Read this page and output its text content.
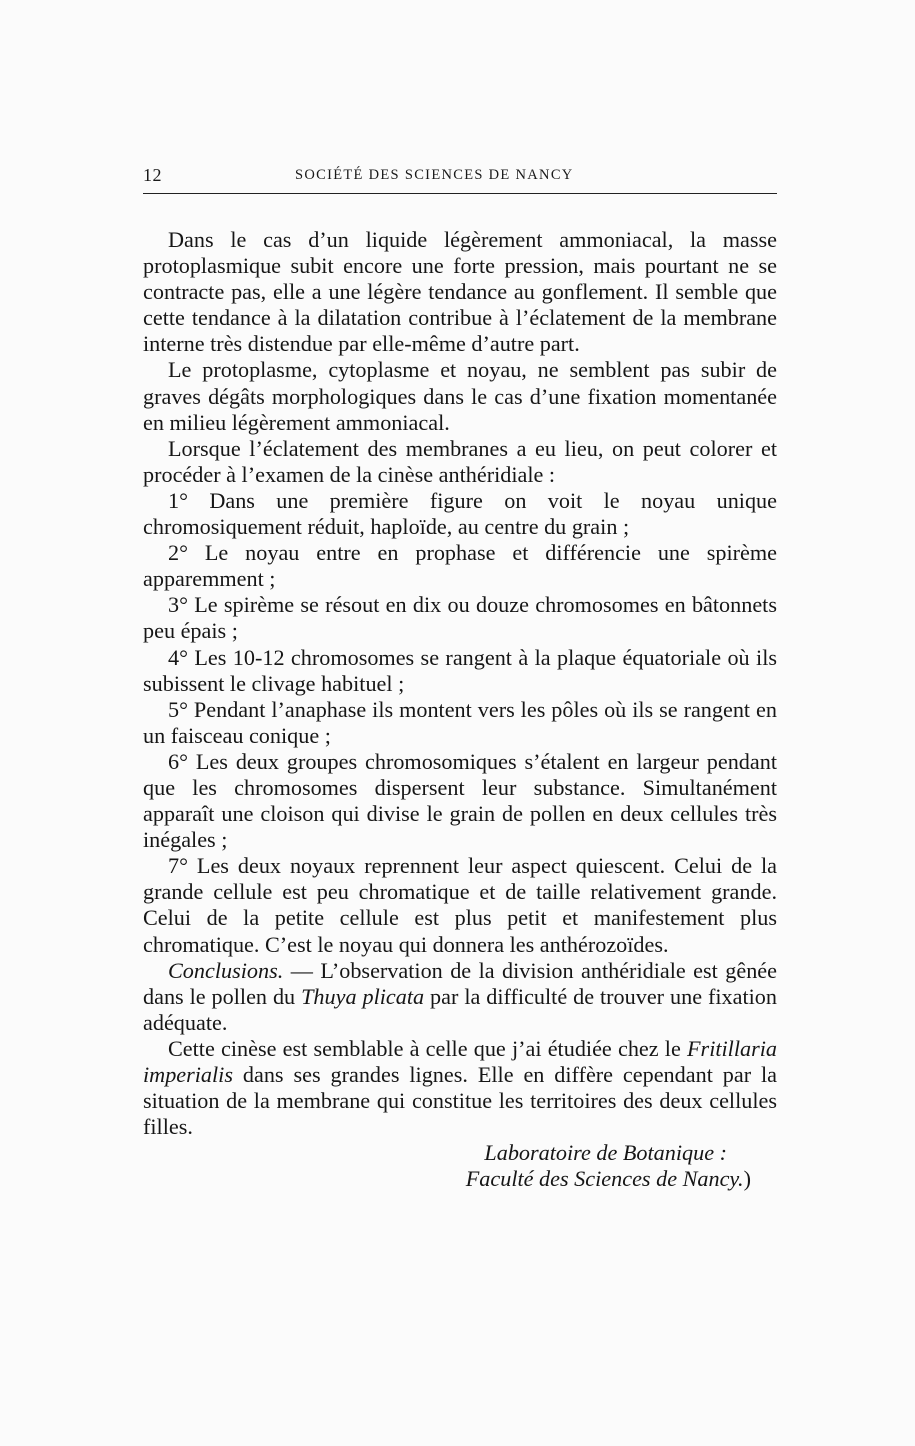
12	SOCIÉTÉ DES SCIENCES DE NANCY

Dans le cas d’un liquide légèrement ammoniacal, la masse protoplasmique subit encore une forte pression, mais pourtant ne se contracte pas, elle a une légère tendance au gonflement. Il semble que cette tendance à la dilatation contribue à l’éclatement de la membrane interne très distendue par elle-même d’autre part.

Le protoplasme, cytoplasme et noyau, ne semblent pas subir de graves dégâts morphologiques dans le cas d’une fixation momentanée en milieu légèrement ammoniacal.

Lorsque l’éclatement des membranes a eu lieu, on peut colorer et procéder à l’examen de la cinèse anthéridiale :

1° Dans une première figure on voit le noyau unique chromosiquement réduit, haploïde, au centre du grain ;

2° Le noyau entre en prophase et différencie une spirème apparemment ;

3° Le spirème se résout en dix ou douze chromosomes en bâtonnets peu épais ;

4° Les 10-12 chromosomes se rangent à la plaque équatoriale où ils subissent le clivage habituel ;

5° Pendant l’anaphase ils montent vers les pôles où ils se rangent en un faisceau conique ;

6° Les deux groupes chromosomiques s’étalent en largeur pendant que les chromosomes dispersent leur substance. Simultanément apparaît une cloison qui divise le grain de pollen en deux cellules très inégales ;

7° Les deux noyaux reprennent leur aspect quiescent. Celui de la grande cellule est peu chromatique et de taille relativement grande. Celui de la petite cellule est plus petit et manifestement plus chromatique. C’est le noyau qui donnera les anthérozoïdes.

Conclusions. — L’observation de la division anthéridiale est gênée dans le pollen du Thuya plicata par la difficulté de trouver une fixation adéquate.

Cette cinèse est semblable à celle que j’ai étudiée chez le Fritillaria imperialis dans ses grandes lignes. Elle en diffère cependant par la situation de la membrane qui constitue les territoires des deux cellules filles.

Laboratoire de Botanique :
Faculté des Sciences de Nancy.)
